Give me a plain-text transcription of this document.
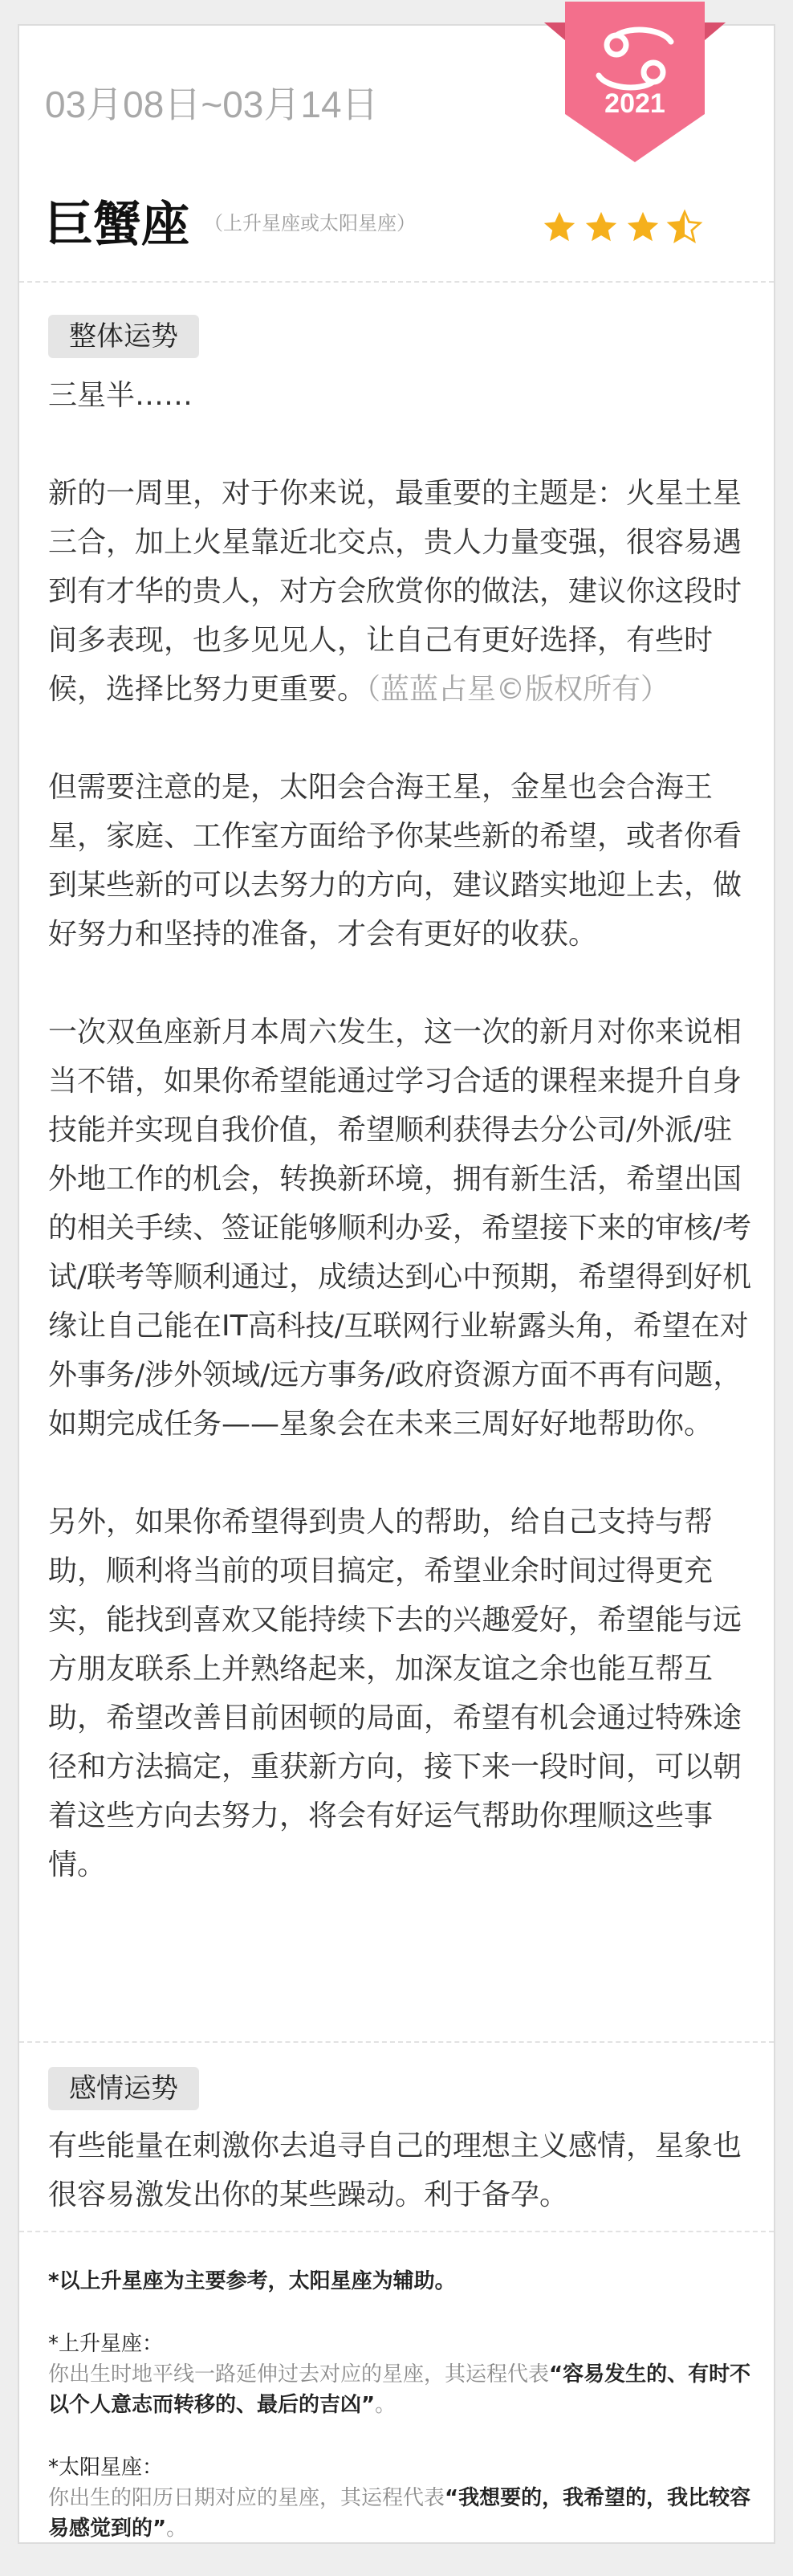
03月08日~03月14日	2021
巨蟹座 （上升星座或太阳星座）
整体运势

三星半……

新的一周里，对于你来说，最重要的主题是：火星土星三合，加上火星靠近北交点，贵人力量变强，很容易遇到有才华的贵人，对方会欣赏你的做法，建议你这段时间多表现，也多见见人，让自己有更好选择，有些时候，选择比努力更重要。（蓝蓝占星©版权所有）

但需要注意的是，太阳会合海王星，金星也会合海王星，家庭、工作室方面给予你某些新的希望，或者你看到某些新的可以去努力的方向，建议踏实地迎上去，做好努力和坚持的准备，才会有更好的收获。

一次双鱼座新月本周六发生，这一次的新月对你来说相当不错，如果你希望能通过学习合适的课程来提升自身技能并实现自我价值，希望顺利获得去分公司/外派/驻外地工作的机会，转换新环境，拥有新生活，希望出国的相关手续、签证能够顺利办妥，希望接下来的审核/考试/联考等顺利通过，成绩达到心中预期，希望得到好机缘让自己能在IT高科技/互联网行业崭露头角，希望在对外事务/涉外领域/远方事务/政府资源方面不再有问题，如期完成任务——星象会在未来三周好好地帮助你。

另外，如果你希望得到贵人的帮助，给自己支持与帮助，顺利将当前的项目搞定，希望业余时间过得更充实，能找到喜欢又能持续下去的兴趣爱好，希望能与远方朋友联系上并熟络起来，加深友谊之余也能互帮互助，希望改善目前困顿的局面，希望有机会通过特殊途径和方法搞定，重获新方向，接下来一段时间，可以朝着这些方向去努力，将会有好运气帮助你理顺这些事情。

感情运势
有些能量在刺激你去追寻自己的理想主义感情，星象也很容易激发出你的某些躁动。利于备孕。

*以上升星座为主要参考，太阳星座为辅助。

*上升星座：

你出生时地平线一路延伸过去对应的星座，其运程代表“容易发生的、有时不以个人意志而转移的、最后的吉凶”。

*太阳星座：

你出生的阳历日期对应的星座，其运程代表“我想要的，我希望的，我比较容易感觉到的”。
